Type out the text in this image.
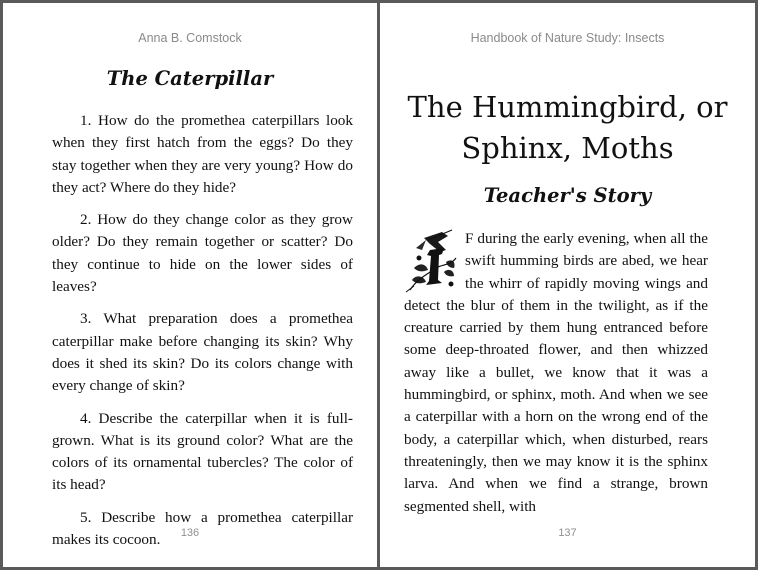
Anna B. Comstock
The Caterpillar

1. How do the promethea caterpillars look when they first hatch from the eggs? Do they stay together when they are very young? How do they act? Where do they hide?

2. How do they change color as they grow older? Do they remain together or scatter? Do they continue to hide on the lower sides of leaves?

3. What preparation does a promethea caterpillar make before changing its skin? Why does it shed its skin? Do its colors change with every change of skin?

4. Describe the caterpillar when it is full-grown. What is its ground color? What are the colors of its ornamental tubercles? The color of its head?

5. Describe how a promethea caterpillar makes its cocoon.	136
Handbook of Nature Study: Insects
The Hummingbird, or Sphinx, Moths
Teacher's Story

F during the early evening, when all the swift humming birds are abed, we hear the whirr of rapidly moving wings and detect the blur of them in the twilight, as if the creature carried by them hung entranced before some deep-throated flower, and then whizzed away like a bullet, we know that it was a hummingbird, or sphinx, moth. And when we see a caterpillar with a horn on the wrong end of the body, a caterpillar which, when disturbed, rears threateningly, then we may know it is the sphinx larva. And when we find a strange, brown segmented shell, with

137
